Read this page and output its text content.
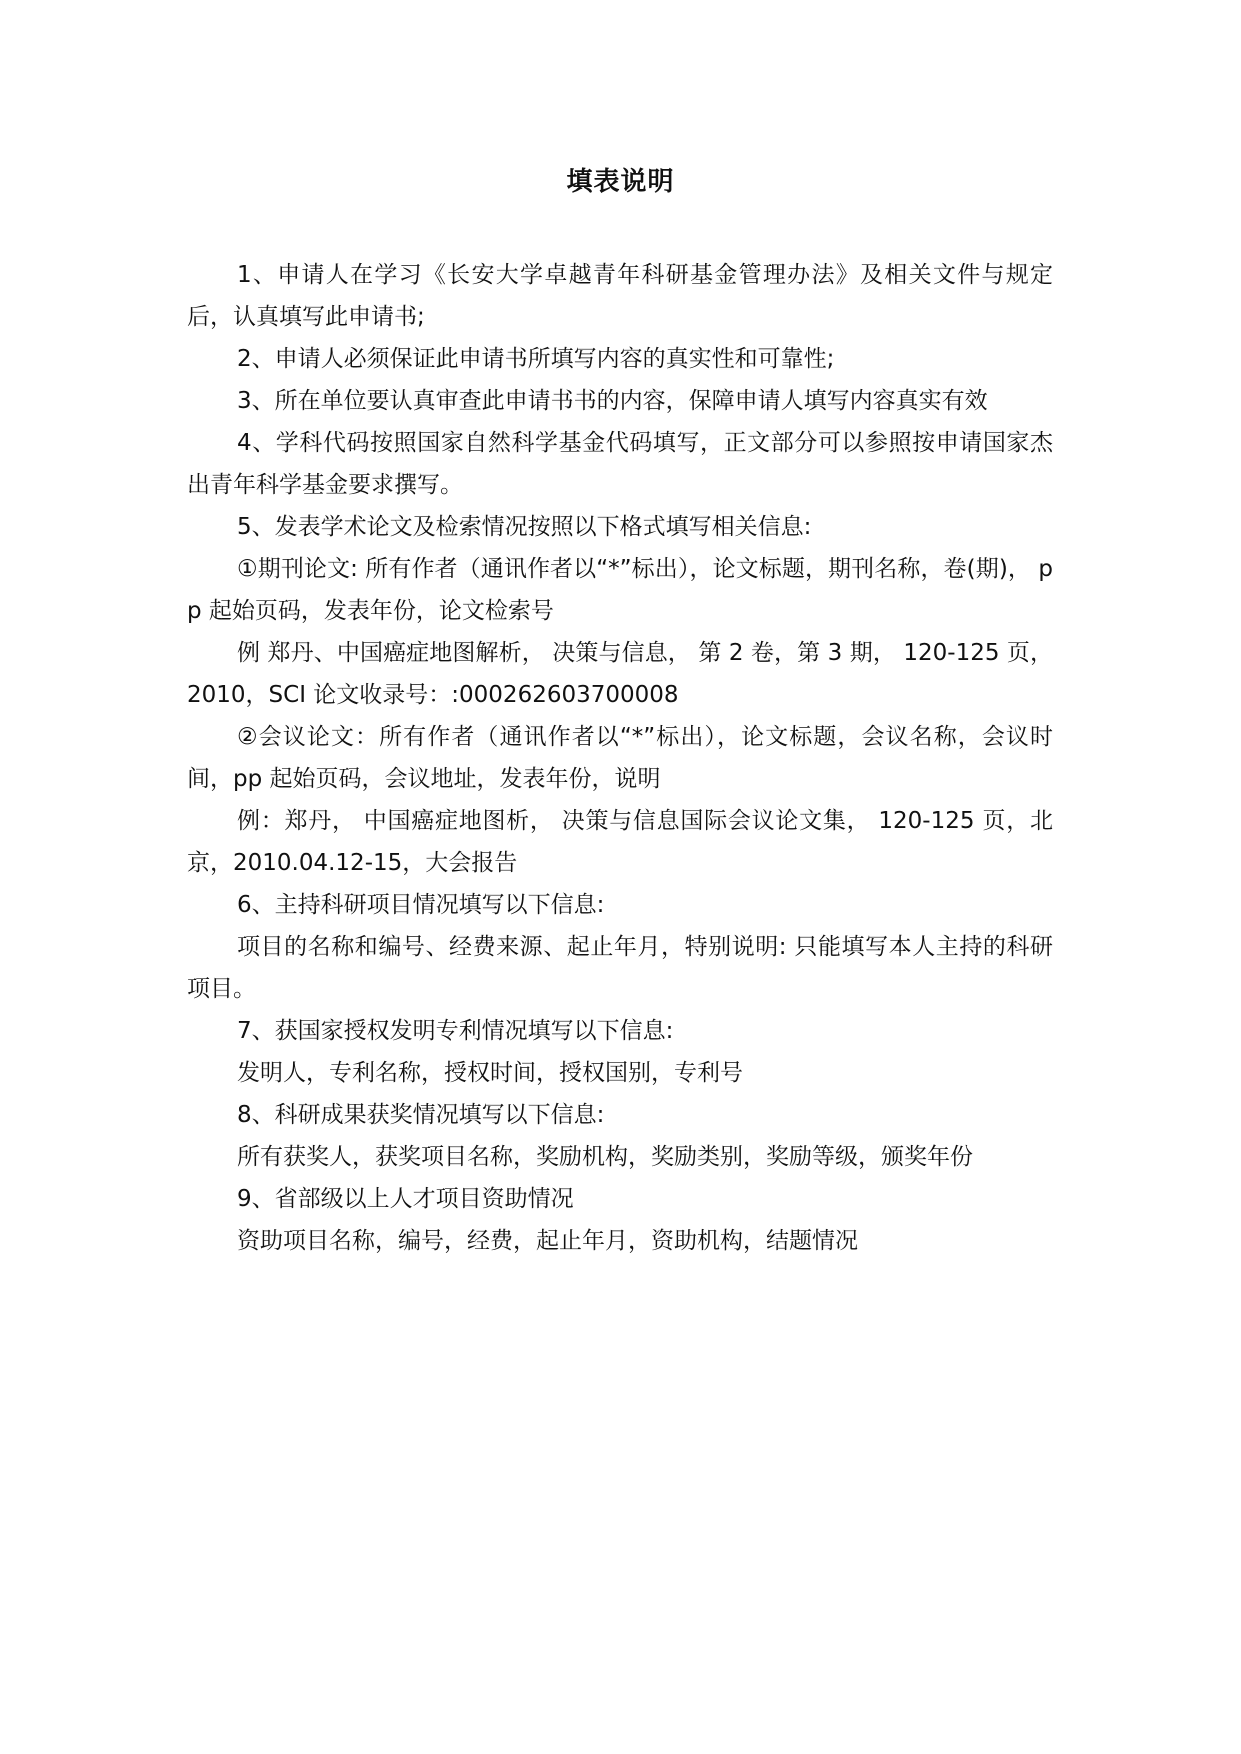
填表说明

1、申请人在学习《长安大学卓越青年科研基金管理办法》及相关文件与规定后，认真填写此申请书;

2、申请人必须保证此申请书所填写内容的真实性和可靠性;

3、所在单位要认真审查此申请书书的内容，保障申请人填写内容真实有效

4、学科代码按照国家自然科学基金代码填写，正文部分可以参照按申请国家杰出青年科学基金要求撰写。

5、发表学术论文及检索情况按照以下格式填写相关信息:

①期刊论文: 所有作者（通讯作者以“*”标出），论文标题，期刊名称，卷(期)， pp 起始页码，发表年份，论文检索号

例 郑丹、中国癌症地图解析， 决策与信息， 第 2 卷，第 3 期， 120-125 页，2010，SCI 论文收录号：:000262603700008

②会议论文：所有作者（通讯作者以“*”标出），论文标题，会议名称，会议时间，pp 起始页码，会议地址，发表年份，说明

例：郑丹， 中国癌症地图析， 决策与信息国际会议论文集， 120-125 页，北京，2010.04.12-15，大会报告

6、主持科研项目情况填写以下信息:

项目的名称和编号、经费来源、起止年月，特别说明: 只能填写本人主持的科研项目。

7、获国家授权发明专利情况填写以下信息:

发明人，专利名称，授权时间，授权国别，专利号

8、科研成果获奖情况填写以下信息:

所有获奖人，获奖项目名称，奖励机构，奖励类别，奖励等级，颁奖年份

9、省部级以上人才项目资助情况

资助项目名称，编号，经费，起止年月，资助机构，结题情况
